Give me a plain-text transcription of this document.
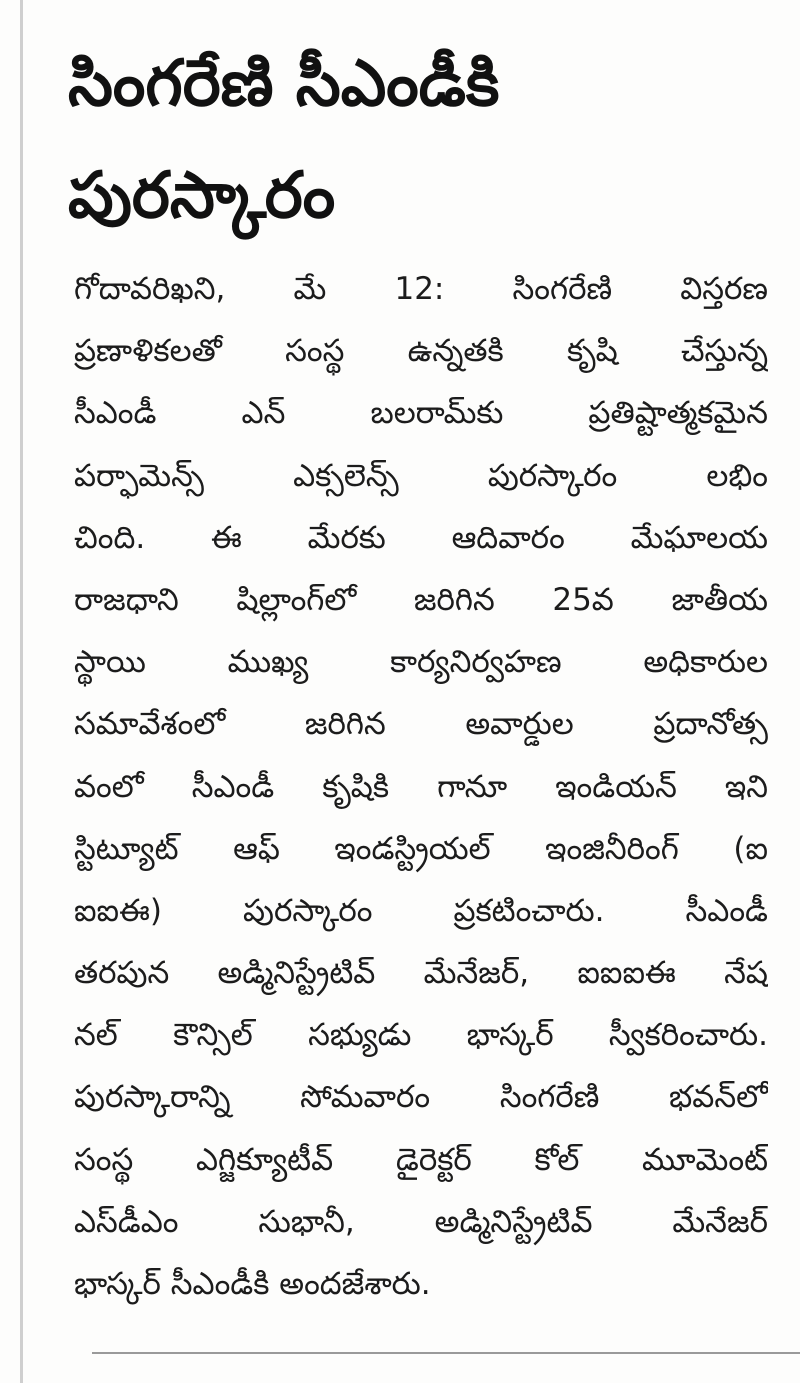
సింగరేణి సీఎండీకి
పురస్కారం
గోదావరిఖని, మే 12: సింగరేణి విస్తరణ
ప్రణాళికలతో సంస్థ ఉన్నతకి కృషి చేస్తున్న
సీఎండీ ఎన్ బలరామ్‌కు ప్రతిష్టాత్మకమైన
పర్ఫామెన్స్ ఎక్సలెన్స్ పురస్కారం లభిం
చింది. ఈ మేరకు ఆదివారం మేఘాలయ
రాజధాని షిల్లాంగ్‌లో జరిగిన 25వ జాతీయ
స్థాయి ముఖ్య కార్యనిర్వహణ అధికారుల
సమావేశంలో జరిగిన అవార్డుల ప్రదానోత్స
వంలో సీఎండీ కృషికి గానూ ఇండియన్ ఇని
స్టిట్యూట్ ఆఫ్ ఇండస్ట్రియల్ ఇంజినీరింగ్ (ఐ
ఐఐఈ) పురస్కారం ప్రకటించారు. సీఎండీ
తరపున అడ్మినిస్ట్రేటివ్ మేనేజర్, ఐఐఐఈ నేష
నల్ కౌన్సిల్ సభ్యుడు భాస్కర్ స్వీకరించారు.
పురస్కారాన్ని సోమవారం సింగరేణి భవన్‌లో
సంస్థ ఎగ్జిక్యూటీవ్ డైరెక్టర్ కోల్ మూమెంట్
ఎస్‌డీఎం సుభానీ, అడ్మినిస్ట్రేటివ్ మేనేజర్
భాస్కర్ సీఎండీకి అందజేశారు.
